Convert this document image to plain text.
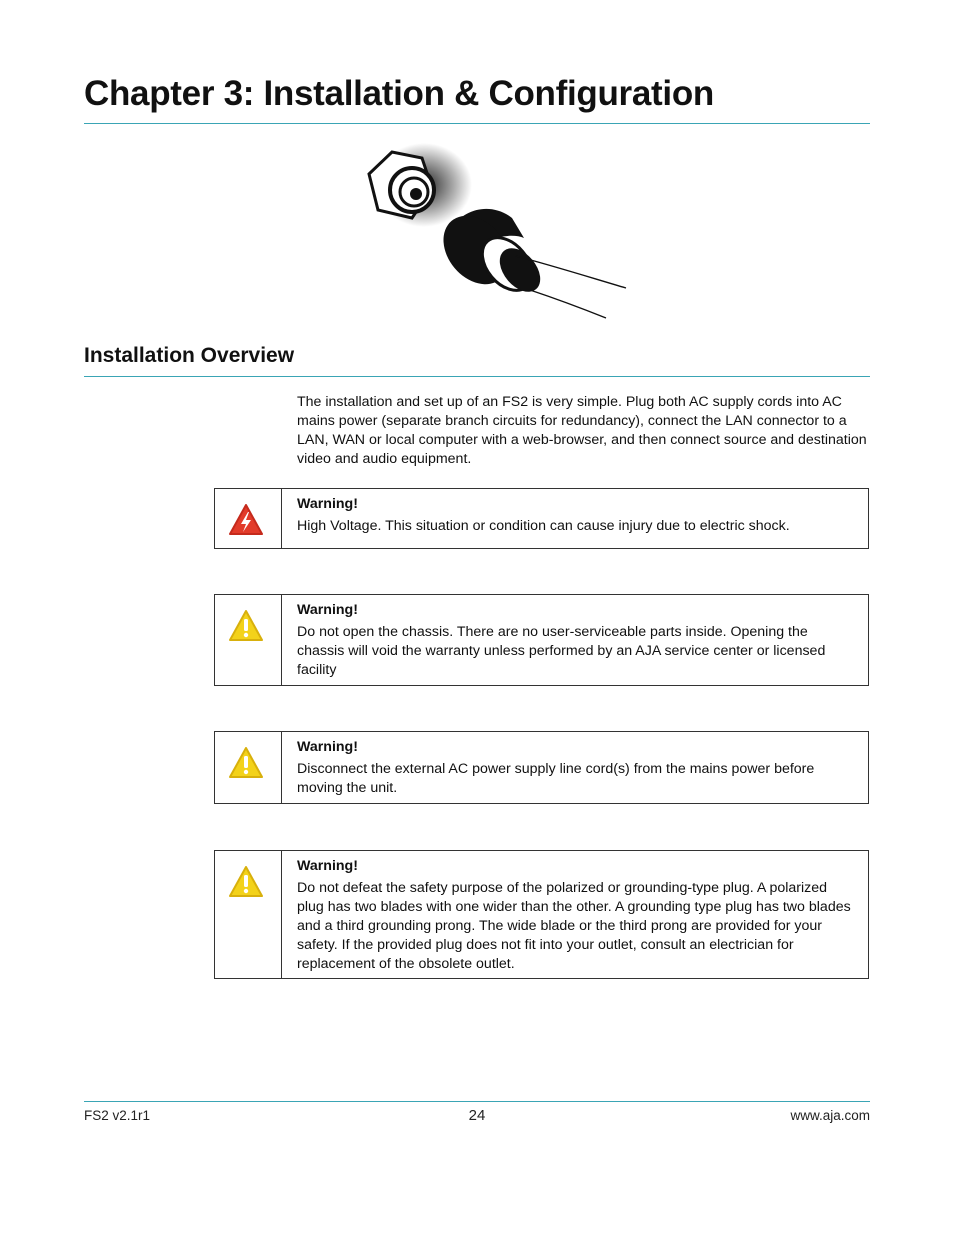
Chapter 3: Installation & Configuration
Installation Overview

The installation and set up of an FS2 is very simple. Plug both AC supply cords into AC mains power (separate branch circuits for redundancy), connect the LAN connector to a LAN, WAN or local computer with a web-browser, and then connect source and destination video and audio equipment.

Warning!

High Voltage. This situation or condition can cause injury due to electric shock.

Warning!

Do not open the chassis. There are no user-serviceable parts inside. Opening the chassis will void the warranty unless performed by an AJA service center or licensed facility

Warning!

Disconnect the external AC power supply line cord(s) from the mains power before moving the unit.

Warning!

Do not defeat the safety purpose of the polarized or grounding-type plug. A polarized plug has two blades with one wider than the other. A grounding type plug has two blades and a third grounding prong. The wide blade or the third prong are provided for your safety. If the provided plug does not fit into your outlet, consult an electrician for replacement of the obsolete outlet.

FS2 v2.1r1	24	www.aja.com
